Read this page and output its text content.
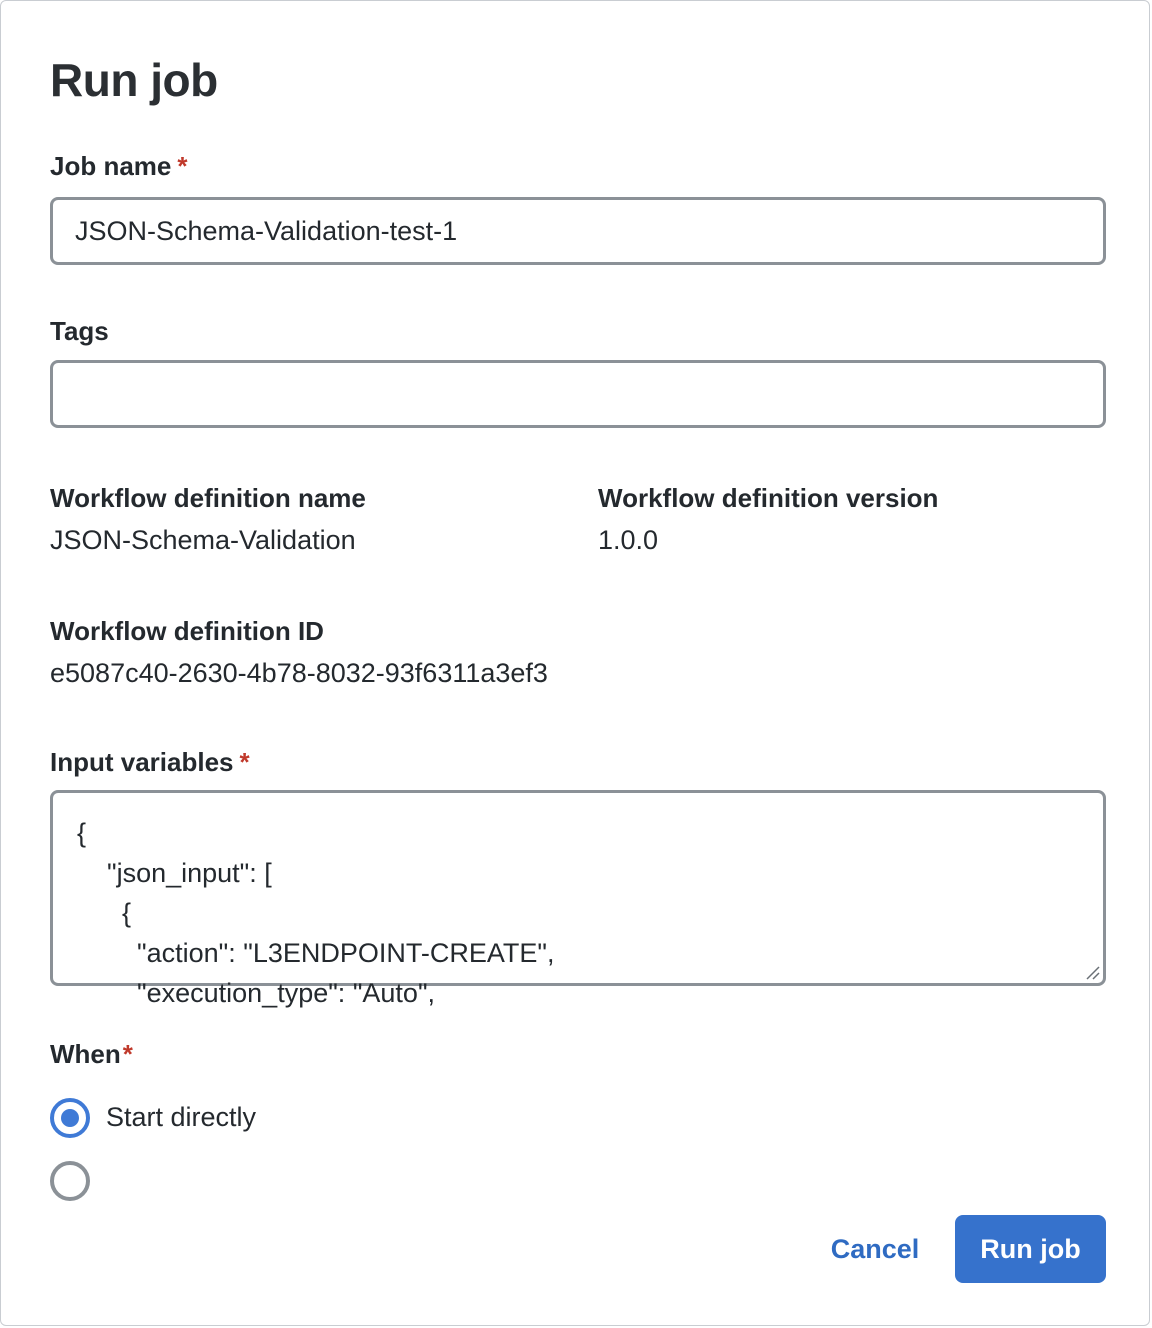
Run job
Job name *
JSON-Schema-Validation-test-1
Tags
Workflow definition name
JSON-Schema-Validation
Workflow definition version
1.0.0
Workflow definition ID
e5087c40-2630-4b78-8032-93f6311a3ef3
Input variables *
{
"json_input": [
{
"action": "L3ENDPOINT-CREATE",
"execution_type": "Auto",
When*
Start directly
Cancel	Run job
